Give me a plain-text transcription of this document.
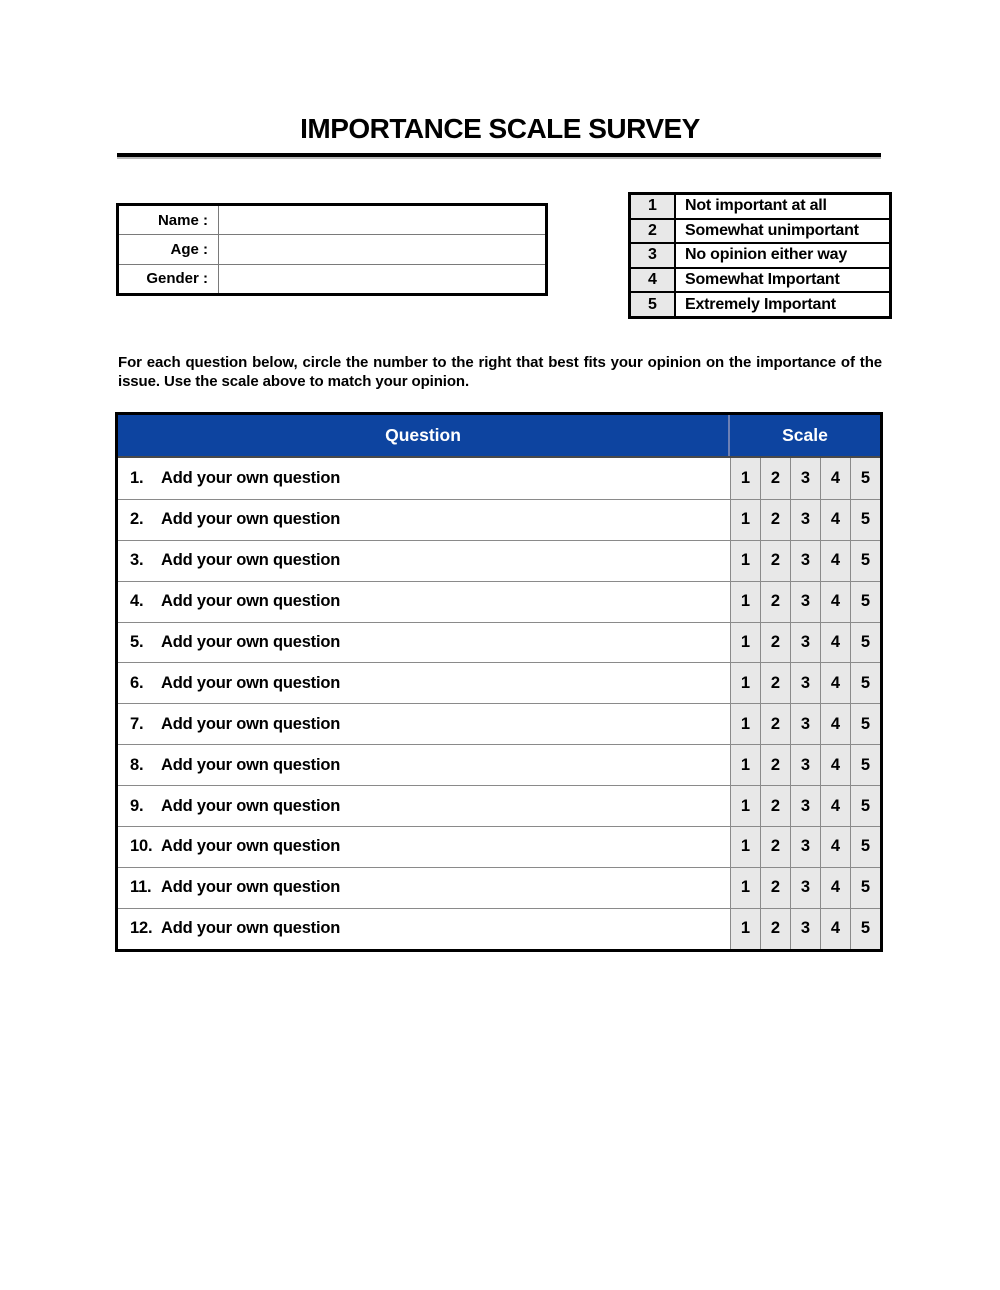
IMPORTANCE SCALE SURVEY
Name :
Age :
Gender :
1	Not important at all
2	Somewhat unimportant
3	No opinion either way
4	Somewhat Important
5	Extremely Important
For each question below, circle the number to the right that best fits your opinion on the importance of the issue. Use the scale above to match your opinion.
Question	Scale
1.	Add your own question	1	2	3	4	5
2.	Add your own question	1	2	3	4	5
3.	Add your own question	1	2	3	4	5
4.	Add your own question	1	2	3	4	5
5.	Add your own question	1	2	3	4	5
6.	Add your own question	1	2	3	4	5
7.	Add your own question	1	2	3	4	5
8.	Add your own question	1	2	3	4	5
9.	Add your own question	1	2	3	4	5
10. Add your own question	1	2	3	4	5
11. Add your own question	1	2	3	4	5
12. Add your own question	1	2	3	4	5
